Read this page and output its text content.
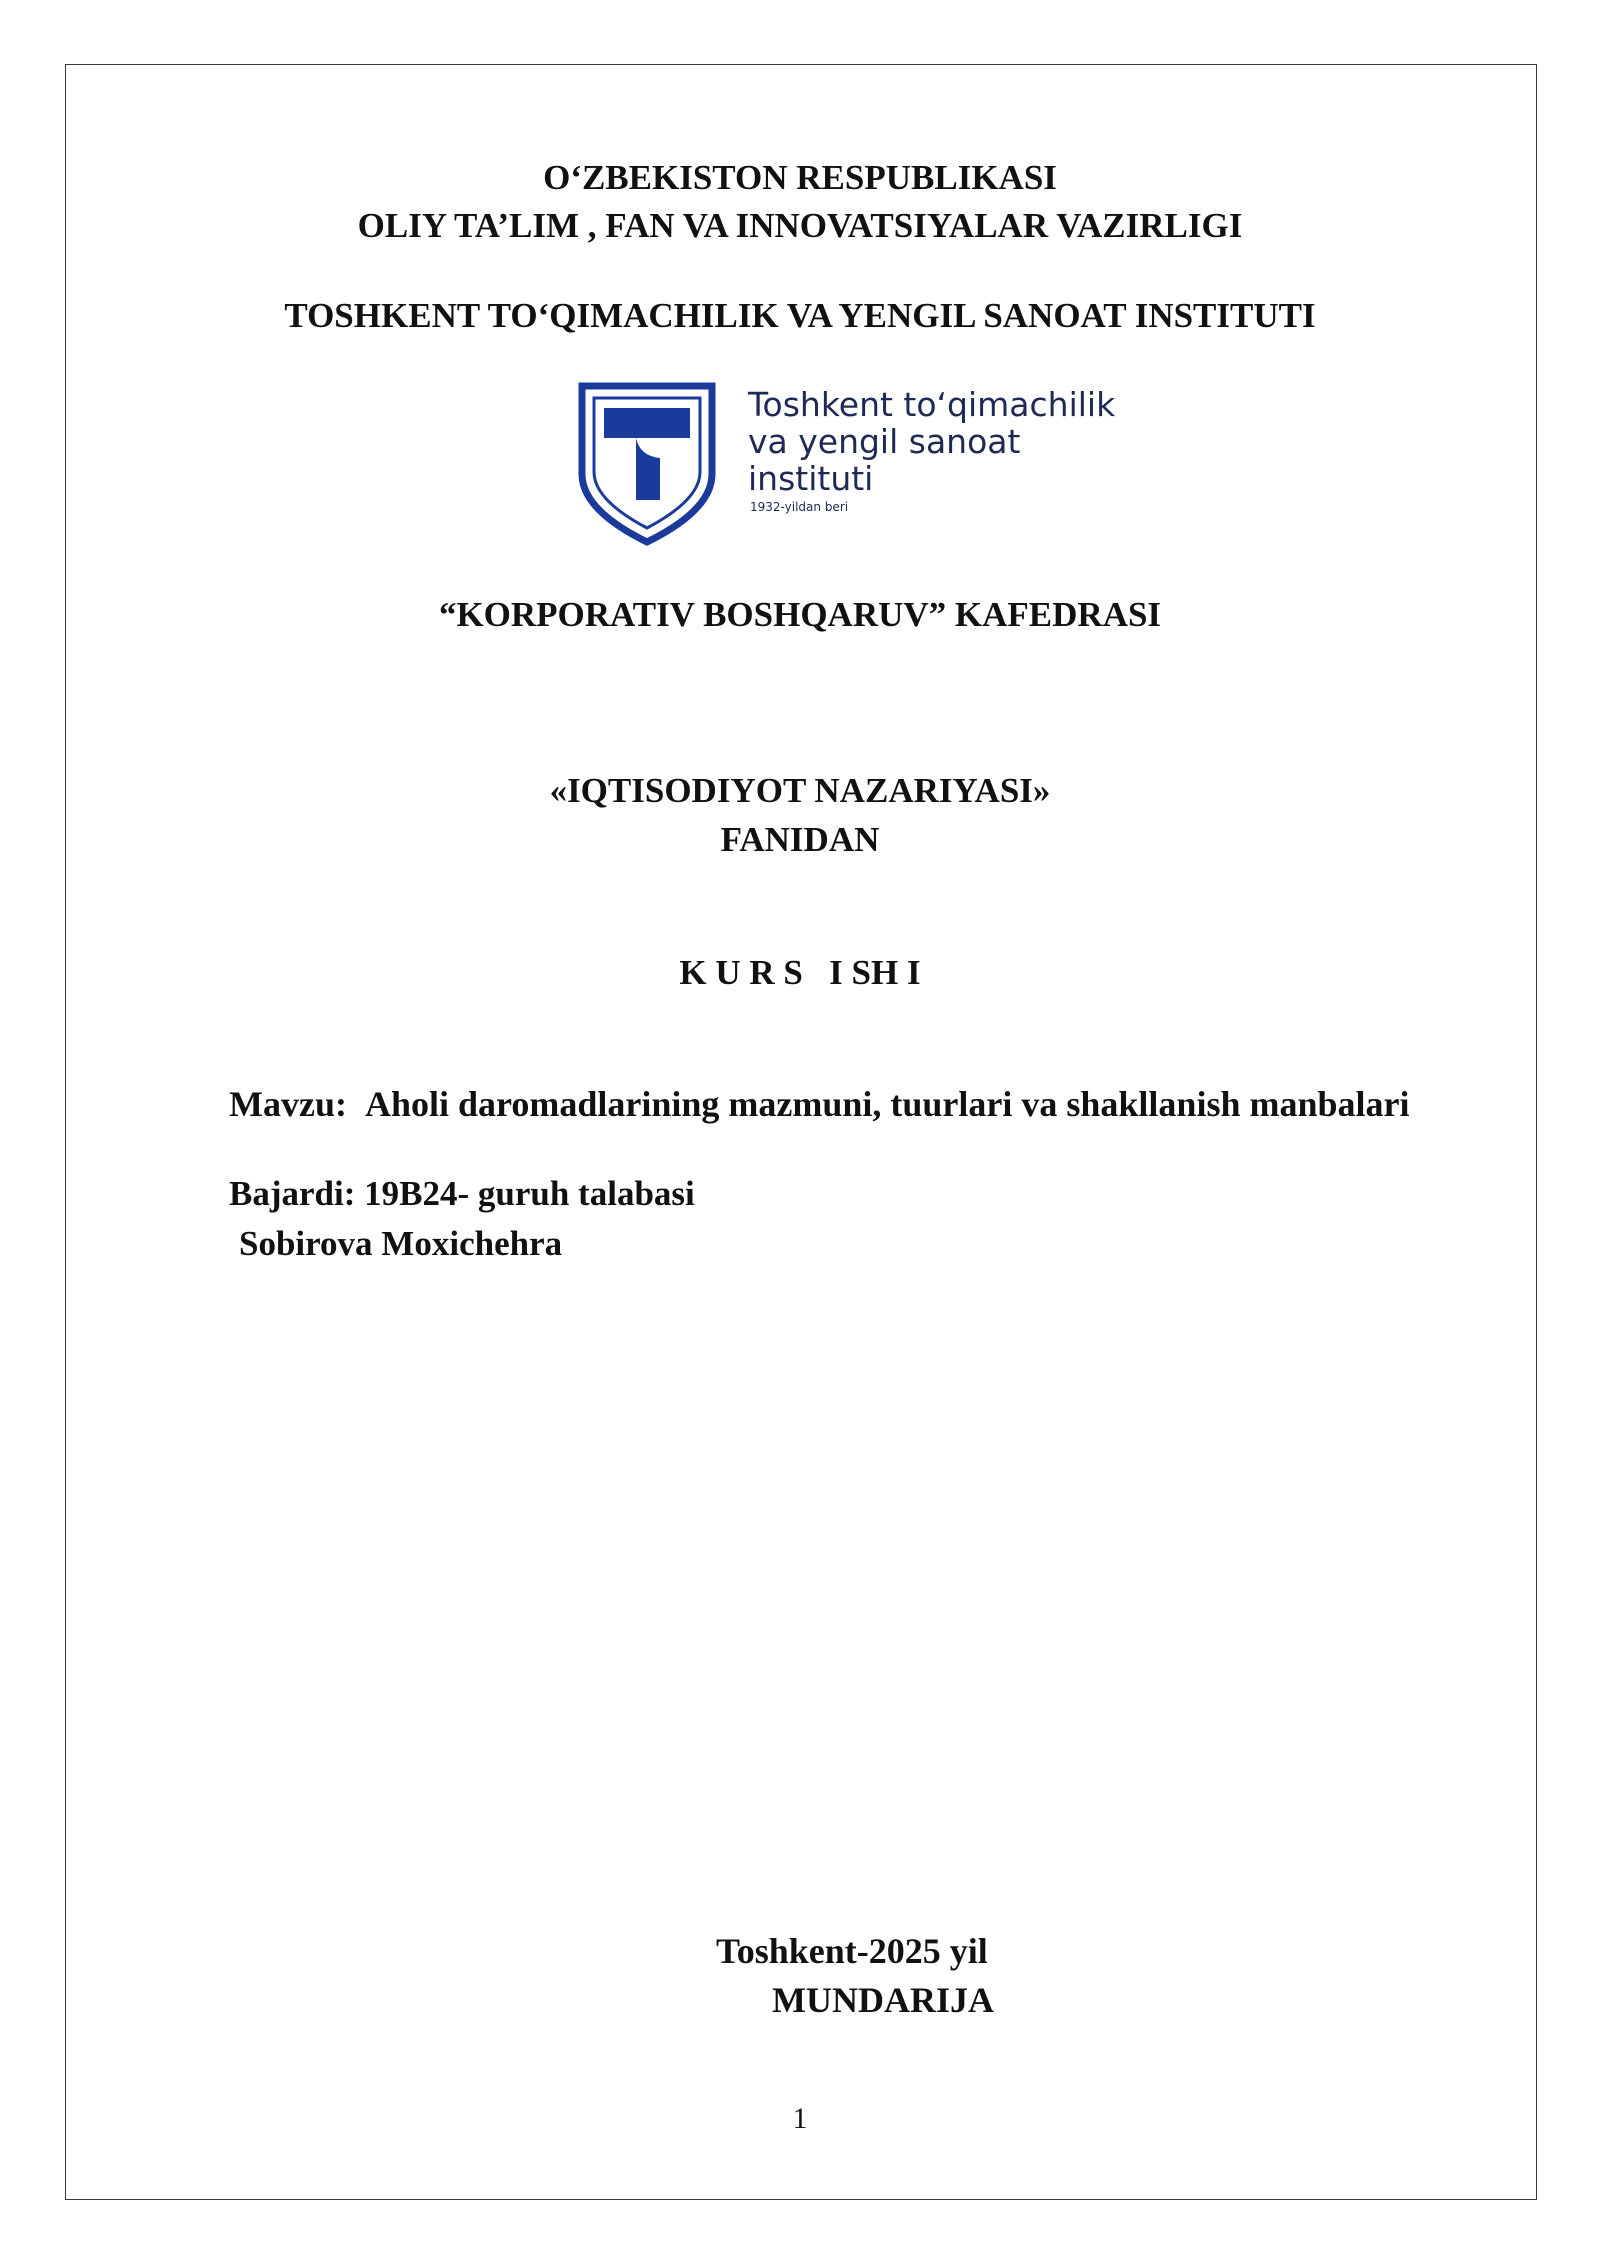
O‘ZBEKISTON RESPUBLIKASI
OLIY TA’LIM , FAN VA INNOVATSIYALAR VAZIRLIGI
TOSHKENT TO‘QIMACHILIK VA YENGIL SANOAT INSTITUTI
Toshkent to‘qimachilik
va yengil sanoat
instituti
1932-yildan beri
“KORPORATIV BOSHQARUV” KAFEDRASI
«IQTISODIYOT NAZARIYASI»
FANIDAN
K U R S   I SH I
Mavzu: Aholi daromadlarining mazmuni, tuurlari va shakllanish manbalari
Bajardi: 19B24- guruh talabasi
Sobirova Moxichehra
Toshkent-2025 yil
MUNDARIJA
1
